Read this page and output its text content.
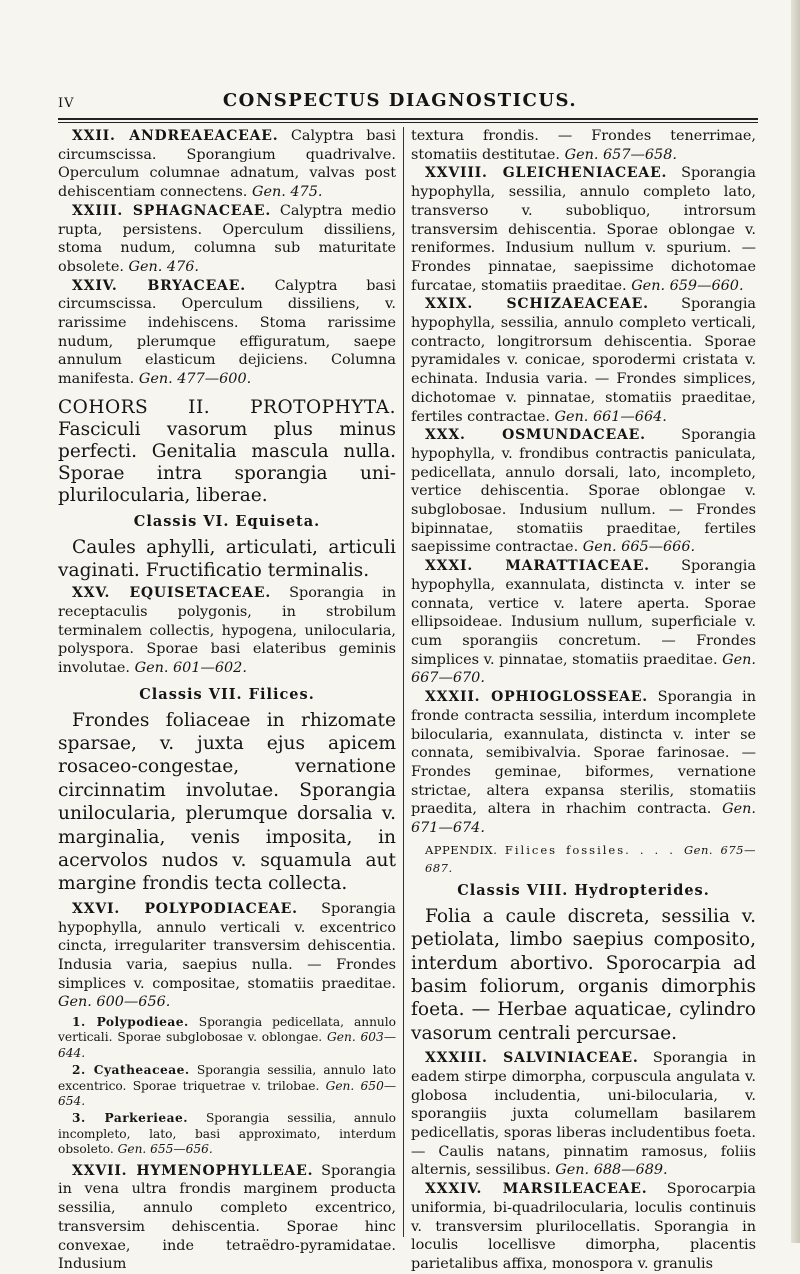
IV	CONSPECTUS DIAGNOSTICUS.

XXII. ANDREAEACEAE. Calyptra basi circumscissa. Sporangium quadrivalve. Operculum columnae adnatum, valvas post dehiscentiam connectens. Gen. 475.

XXIII. SPHAGNACEAE. Calyptra medio rupta, persistens. Operculum dissiliens, stoma nudum, columna sub maturitate obsolete. Gen. 476.

XXIV. BRYACEAE. Calyptra basi circumscissa. Operculum dissiliens, v. rarissime indehiscens. Stoma rarissime nudum, plerumque effiguratum, saepe annulum elasticum dejiciens. Columna manifesta. Gen. 477—600.

COHORS II. PROTOPHYTA. Fasciculi vasorum plus minus perfecti. Genitalia mascula nulla. Sporae intra sporangia uni-plurilocularia, liberae.

Classis VI. Equiseta.

Caules aphylli, articulati, articuli vaginati. Fructificatio terminalis.

XXV. EQUISETACEAE. Sporangia in receptaculis polygonis, in strobilum terminalem collectis, hypogena, unilocularia, polyspora. Sporae basi elateribus geminis involutae. Gen. 601—602.

Classis VII. Filices.

Frondes foliaceae in rhizomate sparsae, v. juxta ejus apicem rosaceo-congestae, vernatione circinnatim involutae. Sporangia unilocularia, plerumque dorsalia v. marginalia, venis imposita, in acervolos nudos v. squamula aut margine frondis tecta collecta.

XXVI. POLYPODIACEAE. Sporangia hypophylla, annulo verticali v. excentrico cincta, irregulariter transversim dehiscentia. Indusia varia, saepius nulla. — Frondes simplices v. compositae, stomatiis praeditae. Gen. 600—656.

1. Polypodieae. Sporangia pedicellata, annulo verticali. Sporae subglobosae v. oblongae. Gen. 603—644.

2. Cyatheaceae. Sporangia sessilia, annulo lato excentrico. Sporae triquetrae v. trilobae. Gen. 650—654.

3. Parkerieae. Sporangia sessilia, annulo incompleto, lato, basi approximato, interdum obsoleto. Gen. 655—656.

XXVII. HYMENOPHYLLEAE. Sporangia in vena ultra frondis marginem producta sessilia, annulo completo excentrico, transversim dehiscentia. Sporae hinc convexae, inde tetraëdro-pyramidatae. Indusium

textura frondis. — Frondes tenerrimae, stomatiis destitutae. Gen. 657—658.

XXVIII. GLEICHENIACEAE. Sporangia hypophylla, sessilia, annulo completo lato, transverso v. subobliquo, introrsum transversim dehiscentia. Sporae oblongae v. reniformes. Indusium nullum v. spurium. — Frondes pinnatae, saepissime dichotomae furcatae, stomatiis praeditae. Gen. 659—660.

XXIX. SCHIZAEACEAE. Sporangia hypophylla, sessilia, annulo completo verticali, contracto, longitrorsum dehiscentia. Sporae pyramidales v. conicae, sporodermi cristata v. echinata. Indusia varia. — Frondes simplices, dichotomae v. pinnatae, stomatiis praeditae, fertiles contractae. Gen. 661—664.

XXX. OSMUNDACEAE. Sporangia hypophylla, v. frondibus contractis paniculata, pedicellata, annulo dorsali, lato, incompleto, vertice dehiscentia. Sporae oblongae v. subglobosae. Indusium nullum. — Frondes bipinnatae, stomatiis praeditae, fertiles saepissime contractae. Gen. 665—666.

XXXI. MARATTIACEAE. Sporangia hypophylla, exannulata, distincta v. inter se connata, vertice v. latere aperta. Sporae ellipsoideae. Indusium nullum, superficiale v. cum sporangiis concretum. — Frondes simplices v. pinnatae, stomatiis praeditae. Gen. 667—670.

XXXII. OPHIOGLOSSEAE. Sporangia in fronde contracta sessilia, interdum incomplete bilocularia, exannulata, distincta v. inter se connata, semibivalvia. Sporae farinosae. — Frondes geminae, biformes, vernatione strictae, altera expansa sterilis, stomatiis praedita, altera in rhachim contracta. Gen. 671—674.

APPENDIX. Filices fossiles. . . . Gen. 675—687.

Classis VIII. Hydropterides.

Folia a caule discreta, sessilia v. petiolata, limbo saepius composito, interdum abortivo. Sporocarpia ad basim foliorum, organis dimorphis foeta. — Herbae aquaticae, cylindro vasorum centrali percursae.

XXXIII. SALVINIACEAE. Sporangia in eadem stirpe dimorpha, corpuscula angulata v. globosa includentia, uni-bilocularia, v. sporangiis juxta columellam basilarem pedicellatis, sporas liberas includentibus foeta. — Caulis natans, pinnatim ramosus, foliis alternis, sessilibus. Gen. 688—689.

XXXIV. MARSILEACEAE. Sporocarpia uniformia, bi-quadrilocularia, loculis continuis v. transversim plurilocellatis. Sporangia in loculis locellisve dimorpha, placentis parietalibus affixa, monospora v. granulis
